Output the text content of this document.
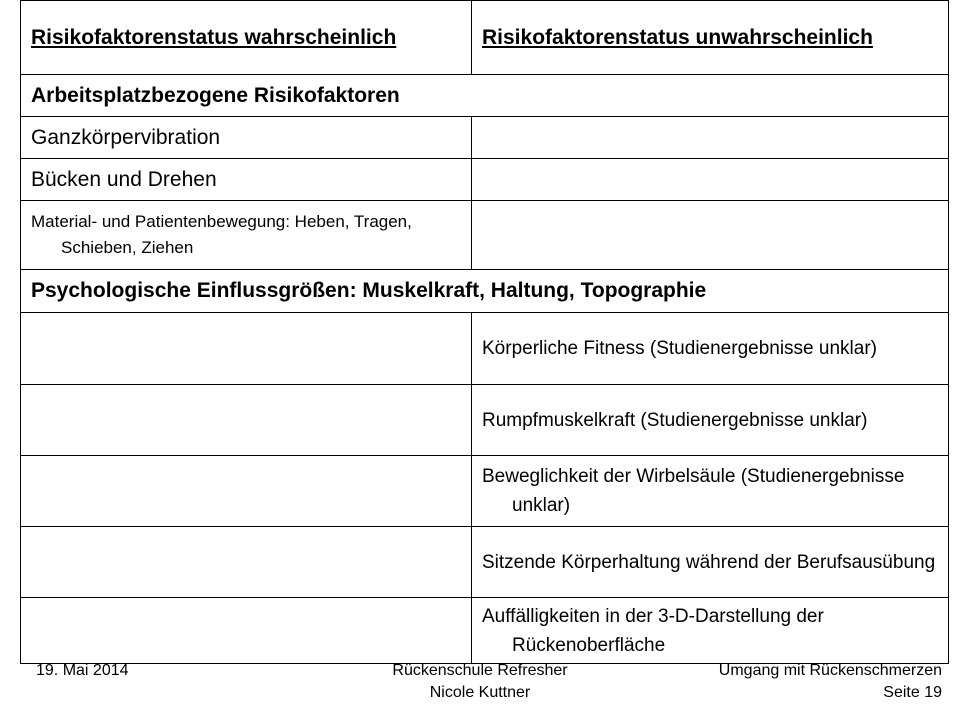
Risikofaktorenstatus wahrscheinlich	Risikofaktorenstatus unwahrscheinlich

Arbeitsplatzbezogene Risikofaktoren	
Ganzkörpervibration	
Bücken und Drehen	

Material- und Patientenbewegung: Heben, Tragen, Schieben, Ziehen	

Psychologische Einflussgrößen: Muskelkraft, Haltung, Topographie	

	Körperliche Fitness (Studienergebnisse unklar)

	Rumpfmuskelkraft (Studienergebnisse unklar)

	Beweglichkeit der Wirbelsäule (Studienergebnisse unklar)

	Sitzende Körperhaltung während der Berufsausübung

	Auffälligkeiten in der 3-D-Darstellung der Rückenoberfläche
19. Mai 2014	Rückenschule Refresher
Nicole Kuttner
Umgang mit Rückenschmerzen
Seite 19
